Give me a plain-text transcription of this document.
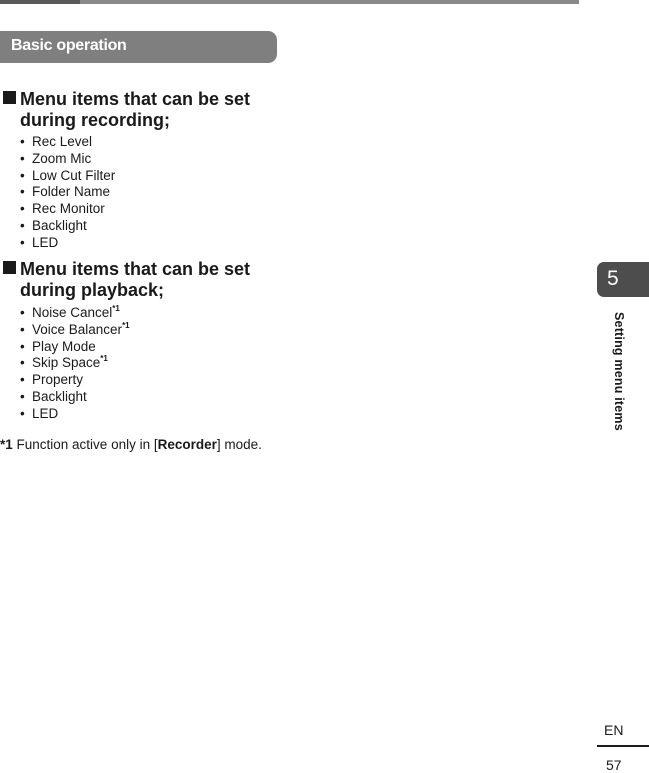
Basic operation
Menu items that can be set during recording;
• Rec Level
• Zoom Mic
• Low Cut Filter
• Folder Name
• Rec Monitor
• Backlight
• LED
Menu items that can be set during playback;
• Noise Cancel$^{*1}$
• Voice Balancer$^{*1}$
• Play Mode
• Skip Space$^{*1}$
• Property
• Backlight
• LED
*1 Function active only in [Recorder] mode.
5
Setting menu items
EN
57
